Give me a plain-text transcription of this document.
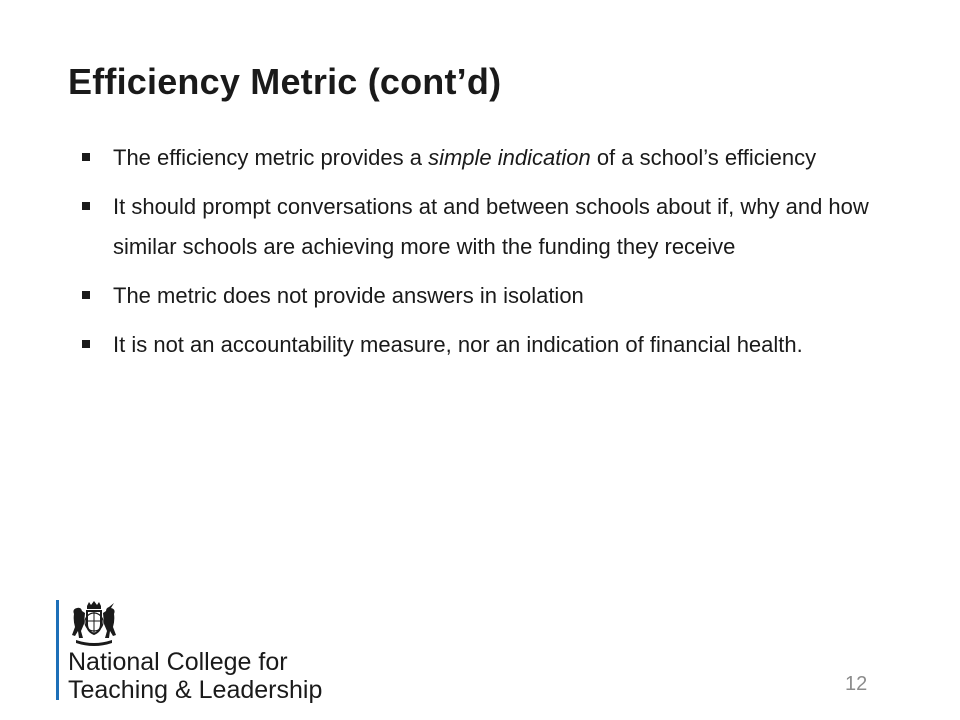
Efficiency Metric (cont’d)
The efficiency metric provides a simple indication of a school’s efficiency
It should prompt conversations at and between schools about if, why and how similar schools are achieving more with the funding they receive
The metric does not provide answers in isolation
It is not an accountability measure, nor an indication of financial health.
National College for
Teaching & Leadership	12
